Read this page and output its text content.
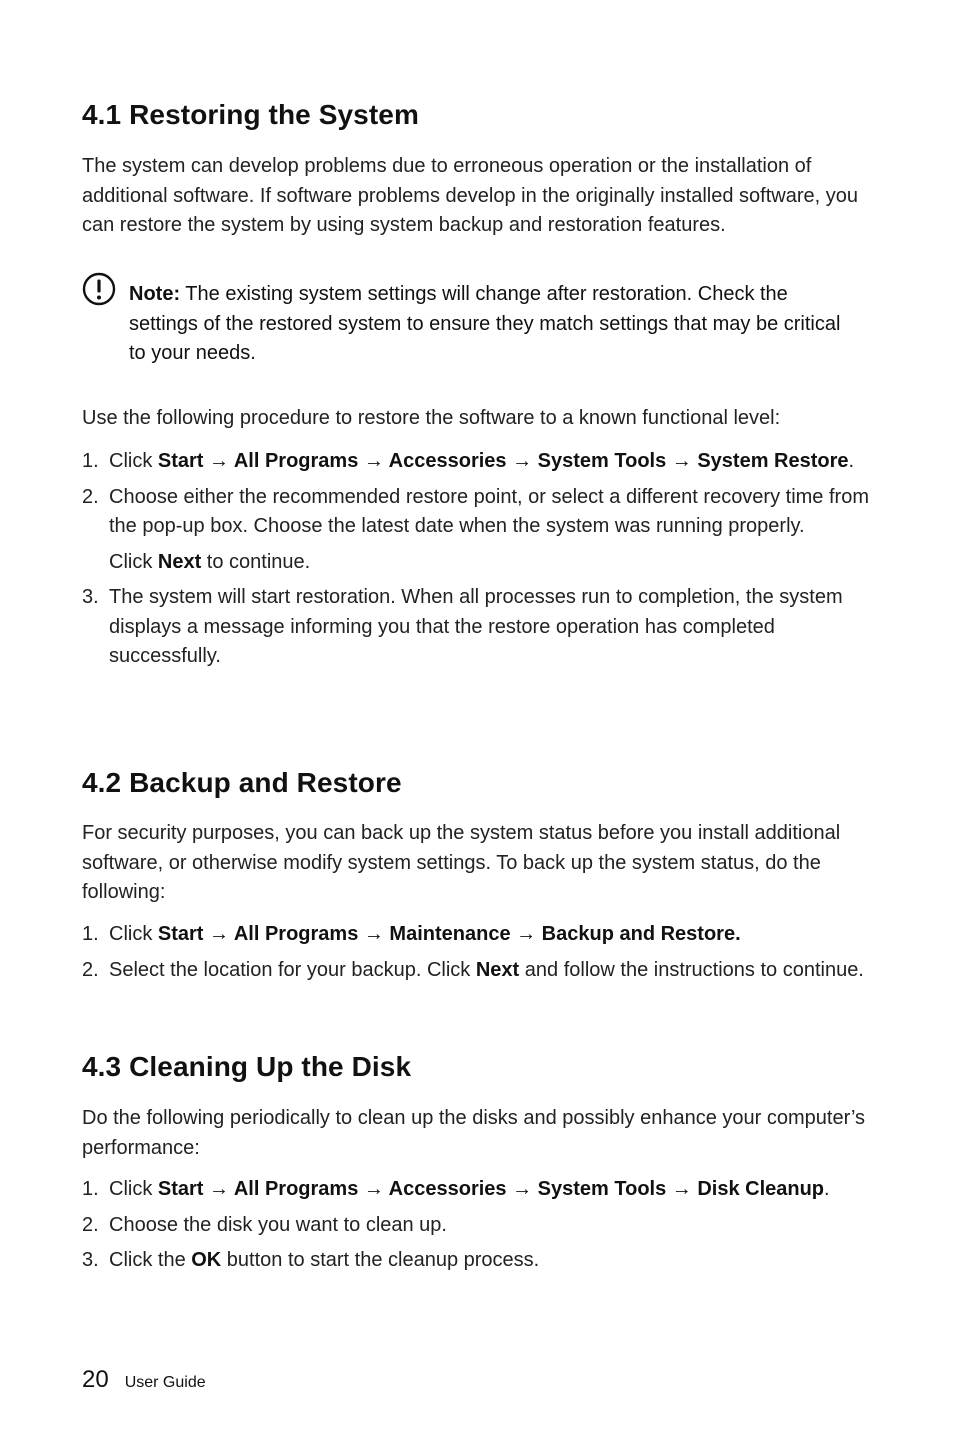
4.1 Restoring the System

The system can develop problems due to erroneous operation or the installation of additional software. If software problems develop in the originally installed software, you can restore the system by using system backup and restoration features.

Note: The existing system settings will change after restoration. Check the settings of the restored system to ensure they match settings that may be critical to your needs.

Use the following procedure to restore the software to a known functional level:

1. Click Start → All Programs → Accessories → System Tools → System Restore.
2. Choose either the recommended restore point, or select a different recovery time from the pop-up box. Choose the latest date when the system was running properly.
Click Next to continue.
3. The system will start restoration. When all processes run to completion, the system displays a message informing you that the restore operation has completed successfully.
4.2 Backup and Restore

For security purposes, you can back up the system status before you install additional software, or otherwise modify system settings. To back up the system status, do the following:

1. Click Start → All Programs → Maintenance → Backup and Restore.
2. Select the location for your backup. Click Next and follow the instructions to continue.
4.3 Cleaning Up the Disk

Do the following periodically to clean up the disks and possibly enhance your computer’s performance:

1. Click Start → All Programs → Accessories → System Tools → Disk Cleanup.
2. Choose the disk you want to clean up.
3. Click the OK button to start the cleanup process.
20 User Guide
